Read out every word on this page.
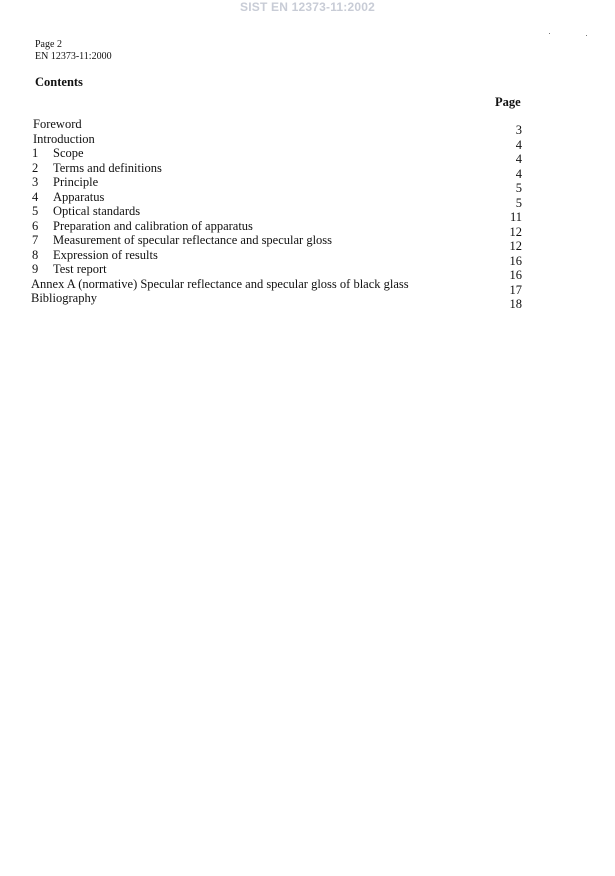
SIST EN 12373-11:2002
Page 2
EN 12373-11:2000
Contents
Page
Foreword	3
Introduction	4
1	Scope	4
2	Terms and definitions	4
3	Principle	5
4	Apparatus	5
5	Optical standards	11
6	Preparation and calibration of apparatus	12
7	Measurement of specular reflectance and specular gloss	12
8	Expression of results	16
9	Test report	16
Annex A (normative) Specular reflectance and specular gloss of black glass	17
Bibliography	18
